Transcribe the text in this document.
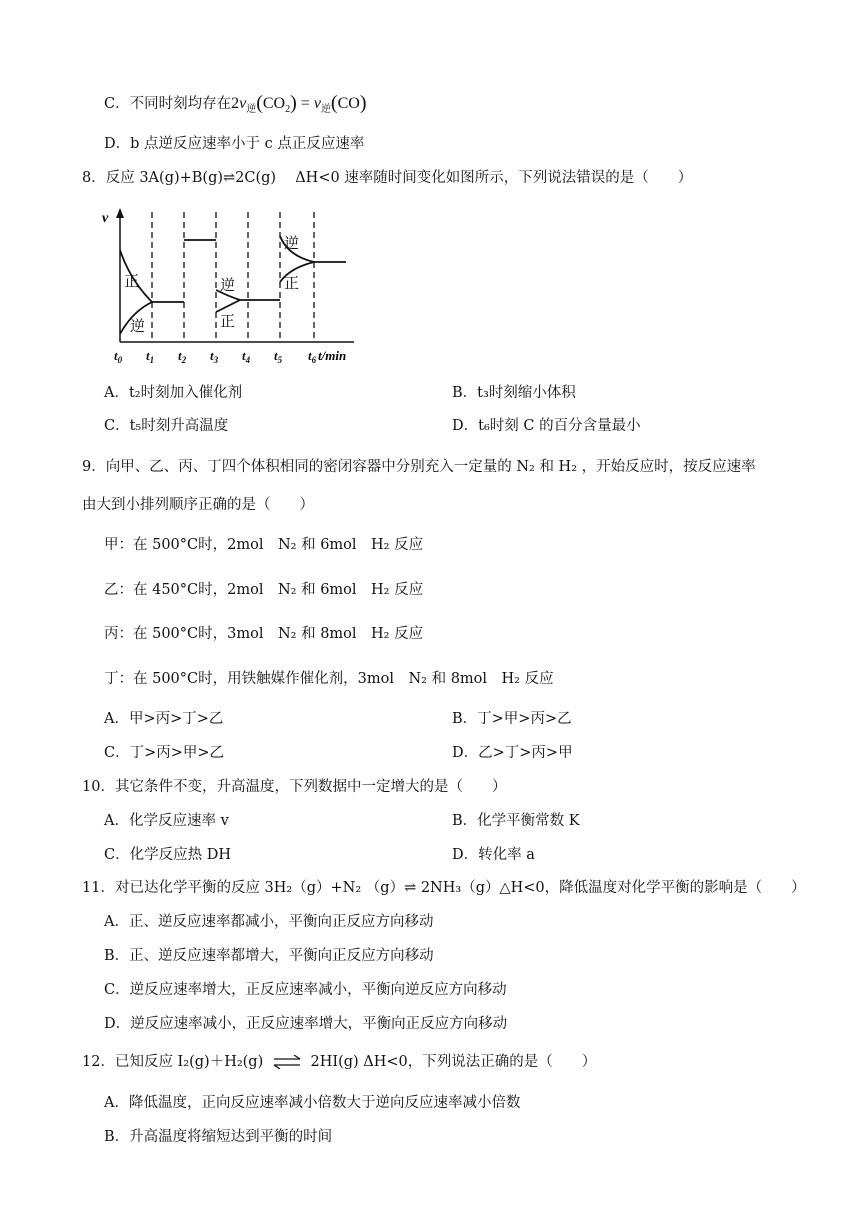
C．不同时刻均存在$2v_逆(CO_2) = v_逆(CO)$
D．b 点逆反应速率小于 c 点正反应速率
8．反应 3A(g)+B(g)⇌2C(g)　 ΔH<0 速率随时间变化如图所示，下列说法错误的是（　　）
v
t/min
正
逆
逆
正
逆
正
$t_0$ $t_1$ $t_2$ $t_3$ $t_4$ $t_5$ $t_6$
A．t₂时刻加入催化剂	B．t₃时刻缩小体积
C．t₅时刻升高温度	D．t₆时刻 C 的百分含量最小
9．向甲、乙、丙、丁四个体积相同的密闭容器中分别充入一定量的 N₂ 和 H₂ ，开始反应时，按反应速率
由大到小排列顺序正确的是（　　）
甲：在 500°C时，2mol　N₂ 和 6mol　H₂ 反应
乙：在 450°C时，2mol　N₂ 和 6mol　H₂ 反应
丙：在 500°C时，3mol　N₂ 和 8mol　H₂ 反应
丁：在 500°C时，用铁触媒作催化剂，3mol　N₂ 和 8mol　H₂ 反应
A．甲>丙>丁>乙	B．丁>甲>丙>乙
C．丁>丙>甲>乙	D．乙>丁>丙>甲
10．其它条件不变，升高温度，下列数据中一定增大的是（　　）
A．化学反应速率 v	B．化学平衡常数 K
C．化学反应热 DH	D．转化率 a
11．对已达化学平衡的反应 3H₂（g）+N₂ （g）⇌ 2NH₃（g）△H<0，降低温度对化学平衡的影响是（　　）
A．正、逆反应速率都减小，平衡向正反应方向移动
B．正、逆反应速率都增大，平衡向正反应方向移动
C．逆反应速率增大，正反应速率减小，平衡向逆反应方向移动
D．逆反应速率减小，正反应速率增大，平衡向正反应方向移动
12．已知反应 I₂(g)＋H₂(g) ⇌ 2HI(g) ΔH<0，下列说法正确的是（　　）
A．降低温度，正向反应速率减小倍数大于逆向反应速率减小倍数
B．升高温度将缩短达到平衡的时间
